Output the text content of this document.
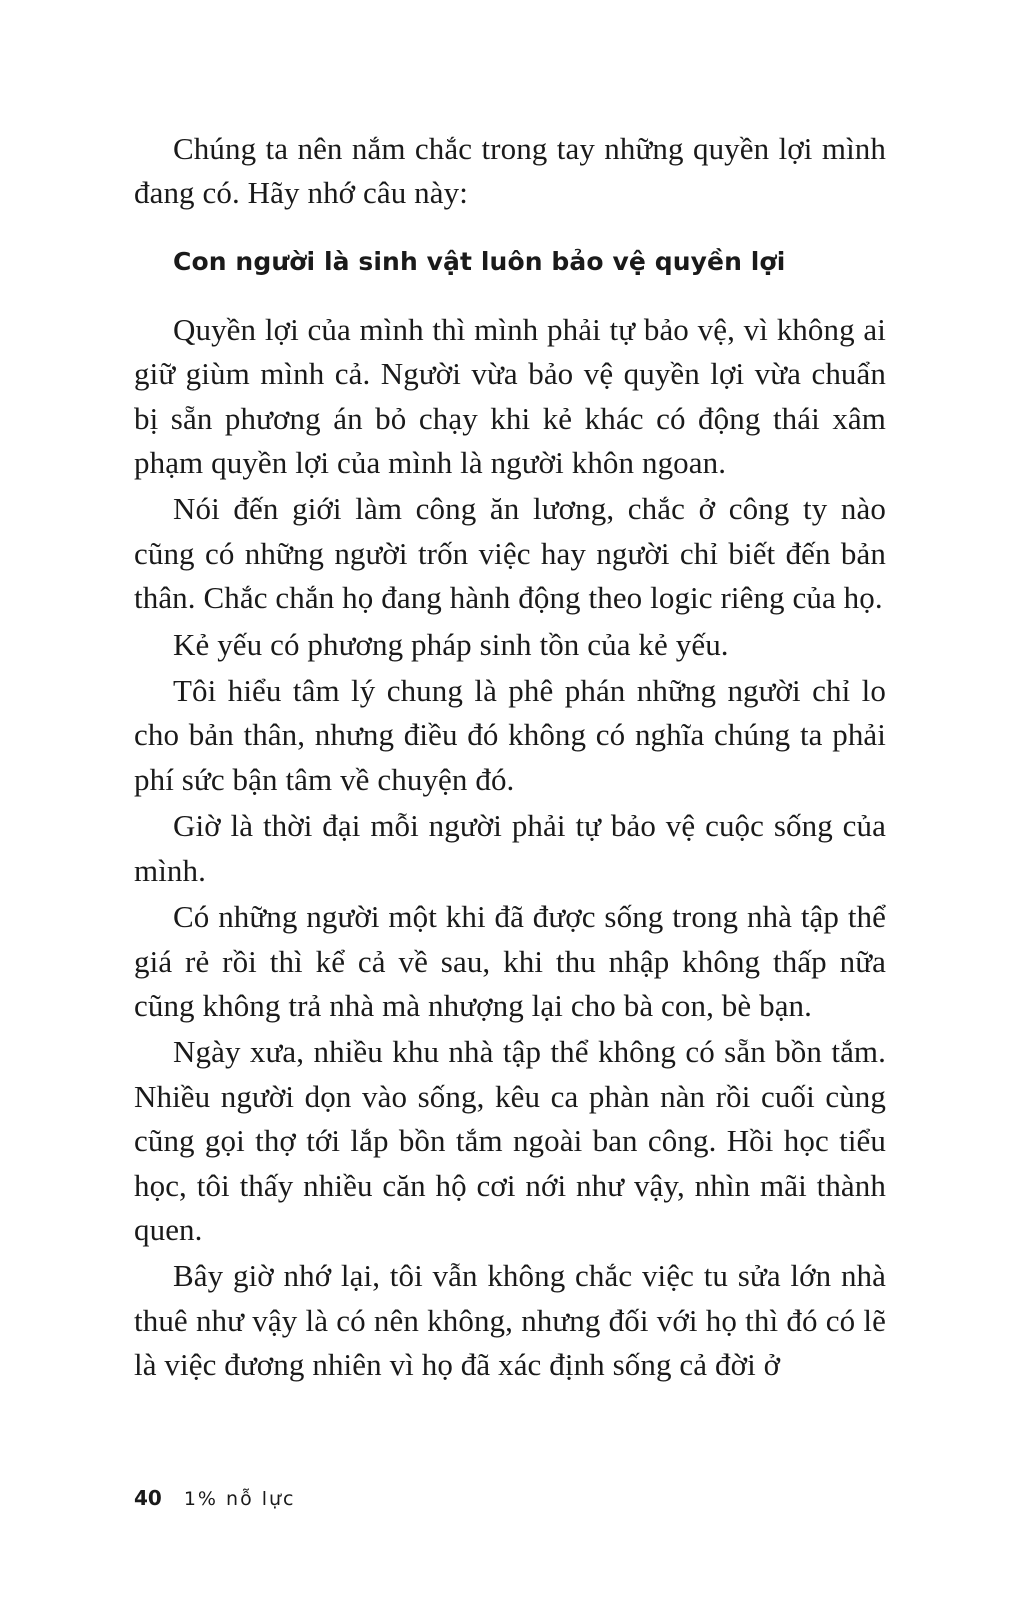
Chúng ta nên nắm chắc trong tay những quyền lợi mình đang có. Hãy nhớ câu này:

Con người là sinh vật luôn bảo vệ quyền lợi

Quyền lợi của mình thì mình phải tự bảo vệ, vì không ai giữ giùm mình cả. Người vừa bảo vệ quyền lợi vừa chuẩn bị sẵn phương án bỏ chạy khi kẻ khác có động thái xâm phạm quyền lợi của mình là người khôn ngoan.

Nói đến giới làm công ăn lương, chắc ở công ty nào cũng có những người trốn việc hay người chỉ biết đến bản thân. Chắc chắn họ đang hành động theo logic riêng của họ.

Kẻ yếu có phương pháp sinh tồn của kẻ yếu.

Tôi hiểu tâm lý chung là phê phán những người chỉ lo cho bản thân, nhưng điều đó không có nghĩa chúng ta phải phí sức bận tâm về chuyện đó.

Giờ là thời đại mỗi người phải tự bảo vệ cuộc sống của mình.

Có những người một khi đã được sống trong nhà tập thể giá rẻ rồi thì kể cả về sau, khi thu nhập không thấp nữa cũng không trả nhà mà nhượng lại cho bà con, bè bạn.

Ngày xưa, nhiều khu nhà tập thể không có sẵn bồn tắm. Nhiều người dọn vào sống, kêu ca phàn nàn rồi cuối cùng cũng gọi thợ tới lắp bồn tắm ngoài ban công. Hồi học tiểu học, tôi thấy nhiều căn hộ cơi nới như vậy, nhìn mãi thành quen.

Bây giờ nhớ lại, tôi vẫn không chắc việc tu sửa lớn nhà thuê như vậy là có nên không, nhưng đối với họ thì đó có lẽ là việc đương nhiên vì họ đã xác định sống cả đời ở

40 1% nỗ lực
